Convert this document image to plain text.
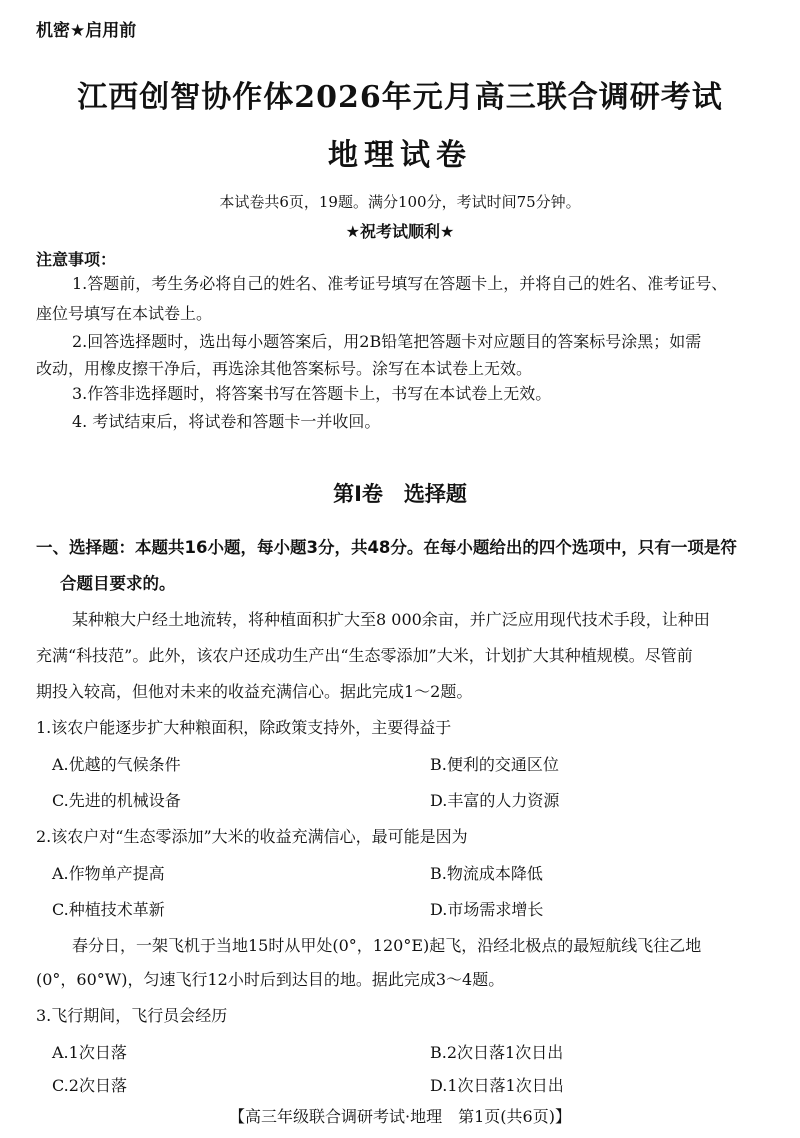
机密★启用前
江西创智协作体2026年元月高三联合调研考试
地理试卷
本试卷共6页，19题。满分100分，考试时间75分钟。
★祝考试顺利★
注意事项：
1.答题前，考生务必将自己的姓名、准考证号填写在答题卡上，并将自己的姓名、准考证号、
座位号填写在本试卷上。
2.回答选择题时，选出每小题答案后，用2B铅笔把答题卡对应题目的答案标号涂黑；如需
改动，用橡皮擦干净后，再选涂其他答案标号。涂写在本试卷上无效。
3.作答非选择题时，将答案书写在答题卡上，书写在本试卷上无效。
4. 考试结束后，将试卷和答题卡一并收回。
第Ⅰ卷　选择题
一、选择题：本题共16小题，每小题3分，共48分。在每小题给出的四个选项中，只有一项是符
合题目要求的。
某种粮大户经土地流转，将种植面积扩大至8 000余亩，并广泛应用现代技术手段，让种田
充满“科技范”。此外，该农户还成功生产出“生态零添加”大米，计划扩大其种植规模。尽管前
期投入较高，但他对未来的收益充满信心。据此完成1～2题。
1.该农户能逐步扩大种粮面积，除政策支持外，主要得益于
A.优越的气候条件	B.便利的交通区位
C.先进的机械设备	D.丰富的人力资源
2.该农户对“生态零添加”大米的收益充满信心，最可能是因为
A.作物单产提高	B.物流成本降低
C.种植技术革新	D.市场需求增长
春分日，一架飞机于当地15时从甲处(0°，120°E)起飞，沿经北极点的最短航线飞往乙地
(0°，60°W)，匀速飞行12小时后到达目的地。据此完成3～4题。
3.飞行期间，飞行员会经历
A.1次日落	B.2次日落1次日出
C.2次日落	D.1次日落1次日出
【高三年级联合调研考试·地理　第1页(共6页)】
